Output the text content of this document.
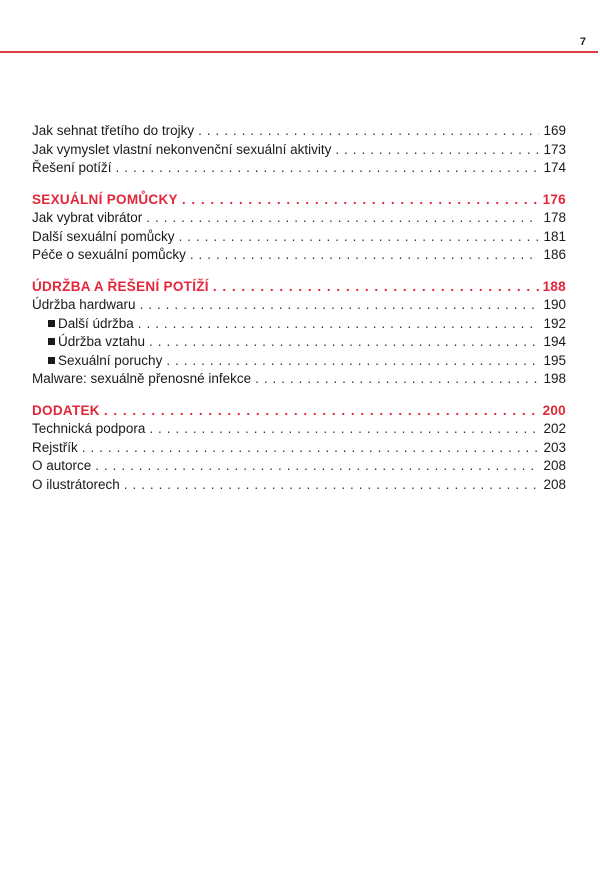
7
Jak sehnat třetího do trojky . . .	169
Jak vymyslet vlastní nekonvenční sexuální aktivity . . .	173
Řešení potíží . . .	174
SEXUÁLNÍ POMŮCKY . . .	176
Jak vybrat vibrátor . . .	178
Další sexuální pomůcky . . .	181
Péče o sexuální pomůcky . . .	186
ÚDRŽBA A ŘEŠENÍ POTÍŽÍ . . .	188
Údržba hardwaru . . .	190
Další údržba . . .	192
Údržba vztahu . . .	194
Sexuální poruchy . . .	195
Malware: sexuálně přenosné infekce . . .	198
DODATEK . . .	200
Technická podpora . . .	202
Rejstřík . . .	203
O autorce . . .	208
O ilustrátorech . . .	208
